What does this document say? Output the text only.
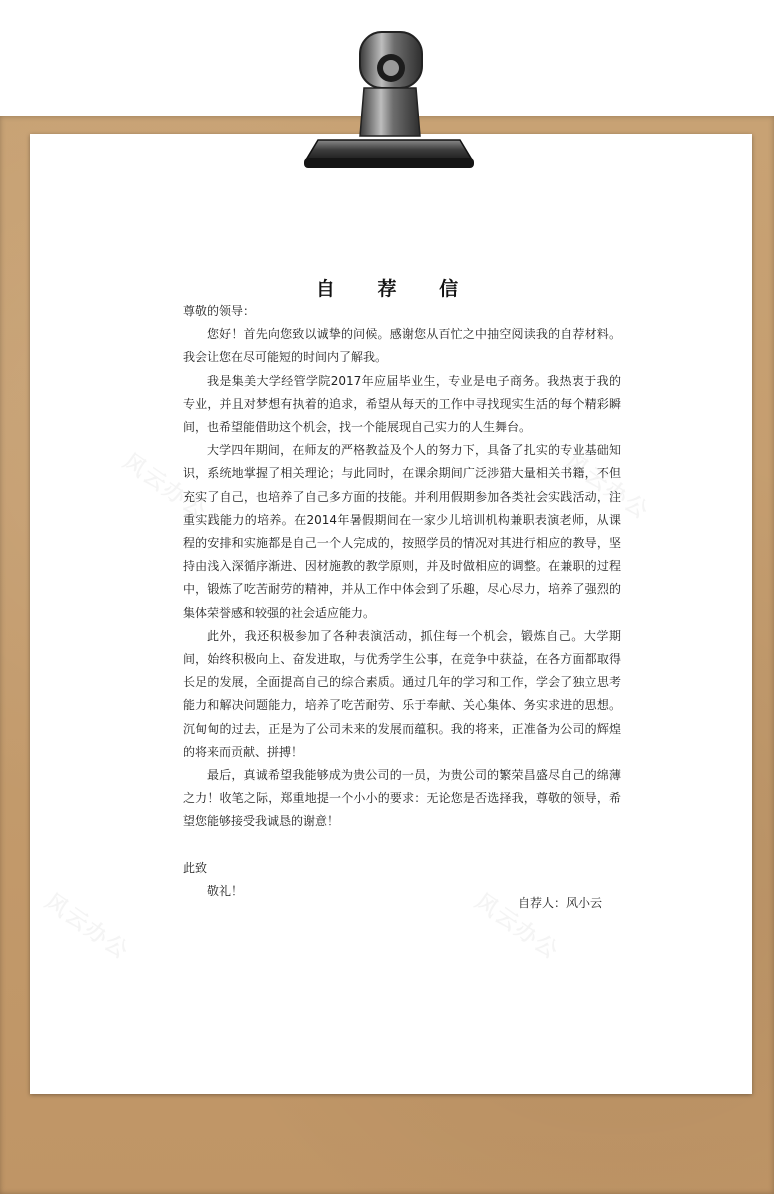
自 荐 信

尊敬的领导：

您好！首先向您致以诚挚的问候。感谢您从百忙之中抽空阅读我的自荐材料。我会让您在尽可能短的时间内了解我。

我是集美大学经管学院2017年应届毕业生，专业是电子商务。我热衷于我的专业，并且对梦想有执着的追求，希望从每天的工作中寻找现实生活的每个精彩瞬间，也希望能借助这个机会，找一个能展现自己实力的人生舞台。

大学四年期间，在师友的严格教益及个人的努力下，具备了扎实的专业基础知识，系统地掌握了相关理论；与此同时，在课余期间广泛涉猎大量相关书籍，不但充实了自己，也培养了自己多方面的技能。并利用假期参加各类社会实践活动，注重实践能力的培养。在2014年暑假期间在一家少儿培训机构兼职表演老师，从课程的安排和实施都是自己一个人完成的，按照学员的情况对其进行相应的教导，坚持由浅入深循序渐进、因材施教的教学原则，并及时做相应的调整。在兼职的过程中，锻炼了吃苦耐劳的精神，并从工作中体会到了乐趣，尽心尽力，培养了强烈的集体荣誉感和较强的社会适应能力。

此外，我还积极参加了各种表演活动，抓住每一个机会，锻炼自己。大学期间，始终积极向上、奋发进取，与优秀学生公事，在竞争中获益，在各方面都取得长足的发展，全面提高自己的综合素质。通过几年的学习和工作，学会了独立思考能力和解决问题能力，培养了吃苦耐劳、乐于奉献、关心集体、务实求进的思想。沉甸甸的过去，正是为了公司未来的发展而蕴积。我的将来，正准备为公司的辉煌的将来而贡献、拼搏！

最后，真诚希望我能够成为贵公司的一员，为贵公司的繁荣昌盛尽自己的绵薄之力！收笔之际，郑重地提一个小小的要求：无论您是否选择我，尊敬的领导，希望您能够接受我诚恳的谢意！

此致

敬礼！

自荐人：风小云
